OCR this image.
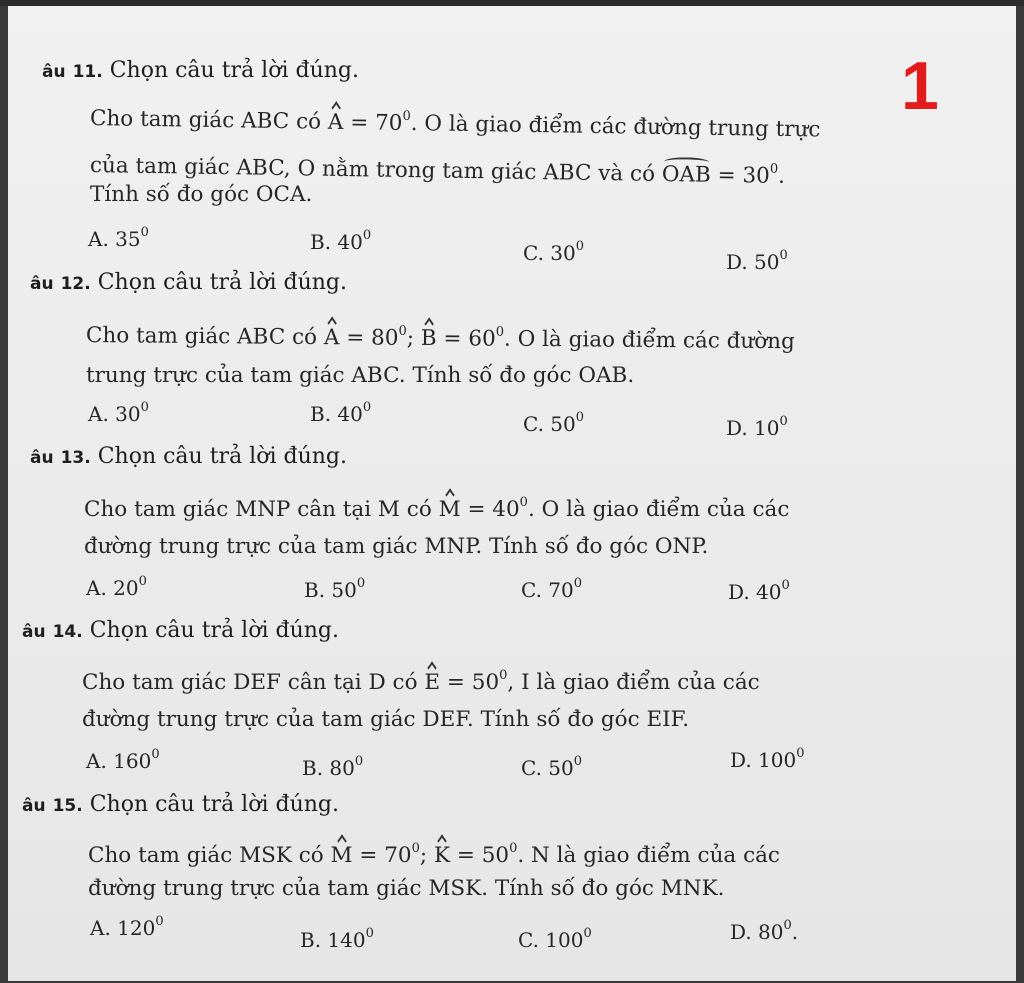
1
âu 11. Chọn câu trả lời đúng.
Cho tam giác ABC có $A = 70^0$. O là giao điểm các đường trung trực
của tam giác ABC, O nằm trong tam giác ABC và có OAB = $30^0$.
Tính số đo góc OCA.
A. $35^0$	B. $40^0$
C. $30^0$
D. $50^0$
âu 12. Chọn câu trả lời đúng.
Cho tam giác ABC có $A = 80^0$; $B = 60^0$. O là giao điểm các đường
trung trực của tam giác ABC. Tính số đo góc OAB.
A. $30^0$	B. $40^0$
C. $50^0$	D. $10^0$
âu 13. Chọn câu trả lời đúng.
Cho tam giác MNP cân tại M có $M = 40^0$. O là giao điểm của các
đường trung trực của tam giác MNP. Tính số đo góc ONP.
A. $20^0$	B. $50^0$	C. $70^0$	D. $40^0$
âu 14. Chọn câu trả lời đúng.
Cho tam giác DEF cân tại D có $E = 50^0$, I là giao điểm của các
đường trung trực của tam giác DEF. Tính số đo góc EIF.
A. $160^0$
B. $80^0$	C. $50^0$	D. $100^0$
âu 15. Chọn câu trả lời đúng.
Cho tam giác MSK có $M = 70^0$; $K = 50^0$. N là giao điểm của các
đường trung trực của tam giác MSK. Tính số đo góc MNK.
A. $120^0$
B. $140^0$	C. $100^0$	D. $80^0$.
